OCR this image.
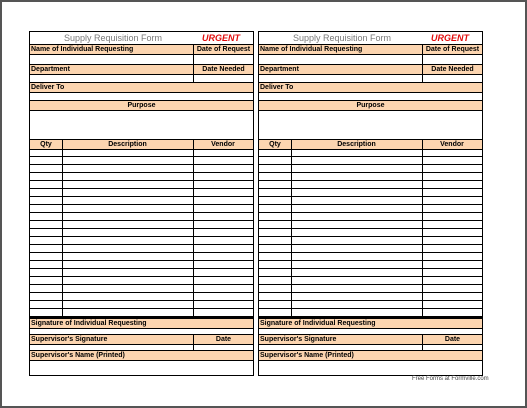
Supply Requisition Form	URGENT
Name of Individual Requesting	Date of Request
Department	Date Needed
Deliver To
Purpose
Qty	Description	Vendor
Signature of Individual Requesting
Supervisor's Signature	Date
Supervisor's Name (Printed)
Supply Requisition Form	URGENT
Name of Individual Requesting	Date of Request
Department	Date Needed
Deliver To
Purpose
Qty	Description	Vendor
Signature of Individual Requesting
Supervisor's Signature	Date
Supervisor's Name (Printed)
Free Forms at Formville.com
